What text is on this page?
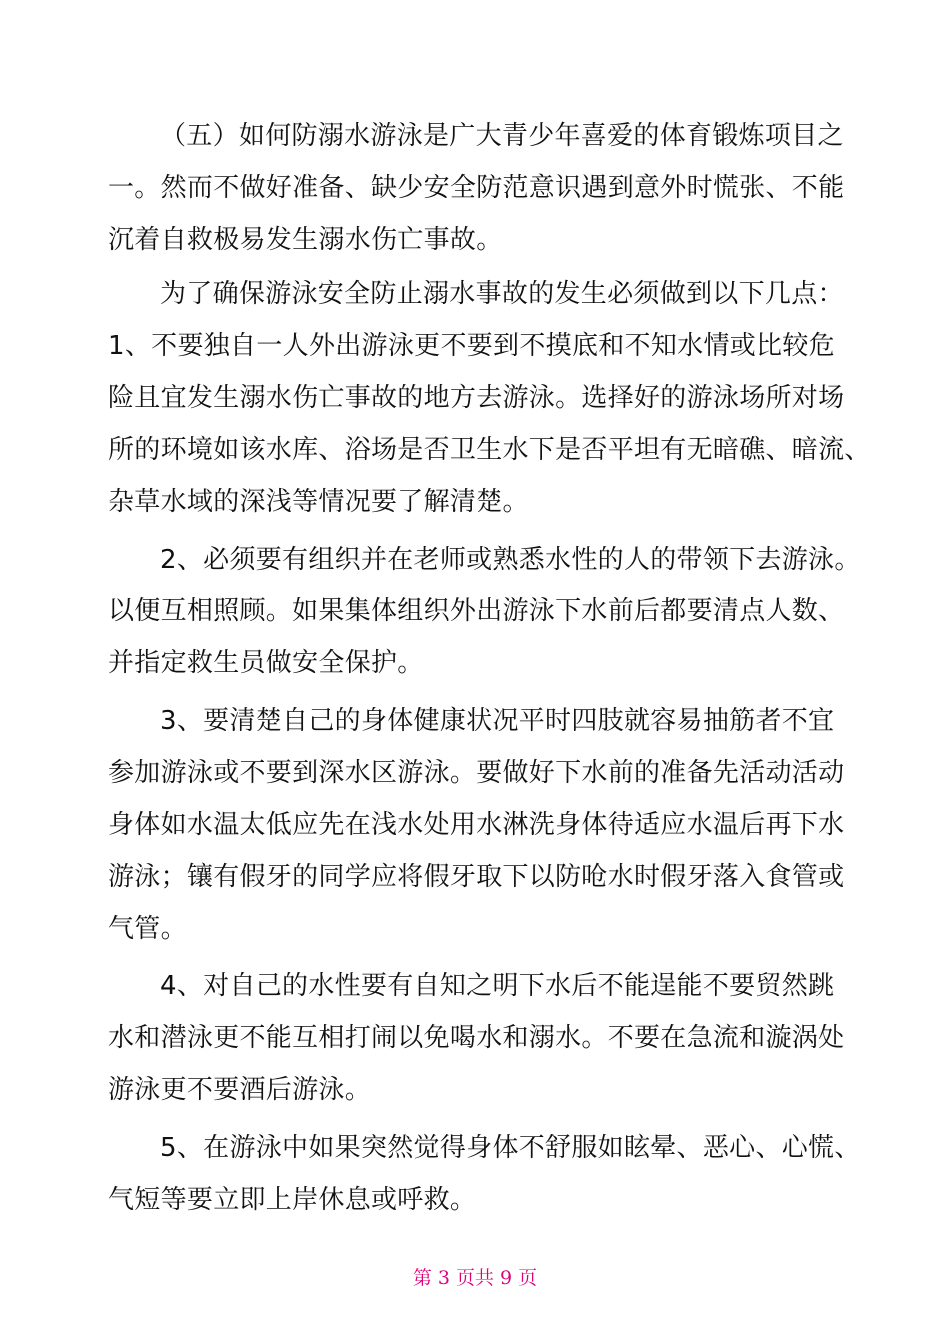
（五）如何防溺水游泳是广大青少年喜爱的体育锻炼项目之
一。然而不做好准备、缺少安全防范意识遇到意外时慌张、不能
沉着自救极易发生溺水伤亡事故。
为了确保游泳安全防止溺水事故的发生必须做到以下几点：
1、不要独自一人外出游泳更不要到不摸底和不知水情或比较危
险且宜发生溺水伤亡事故的地方去游泳。选择好的游泳场所对场
所的环境如该水库、浴场是否卫生水下是否平坦有无暗礁、暗流、
杂草水域的深浅等情况要了解清楚。
2、必须要有组织并在老师或熟悉水性的人的带领下去游泳。
以便互相照顾。如果集体组织外出游泳下水前后都要清点人数、
并指定救生员做安全保护。
3、要清楚自己的身体健康状况平时四肢就容易抽筋者不宜
参加游泳或不要到深水区游泳。要做好下水前的准备先活动活动
身体如水温太低应先在浅水处用水淋洗身体待适应水温后再下水
游泳；镶有假牙的同学应将假牙取下以防呛水时假牙落入食管或
气管。
4、对自己的水性要有自知之明下水后不能逞能不要贸然跳
水和潜泳更不能互相打闹以免喝水和溺水。不要在急流和漩涡处
游泳更不要酒后游泳。
5、在游泳中如果突然觉得身体不舒服如眩晕、恶心、心慌、
气短等要立即上岸休息或呼救。
第 3 页共 9 页
